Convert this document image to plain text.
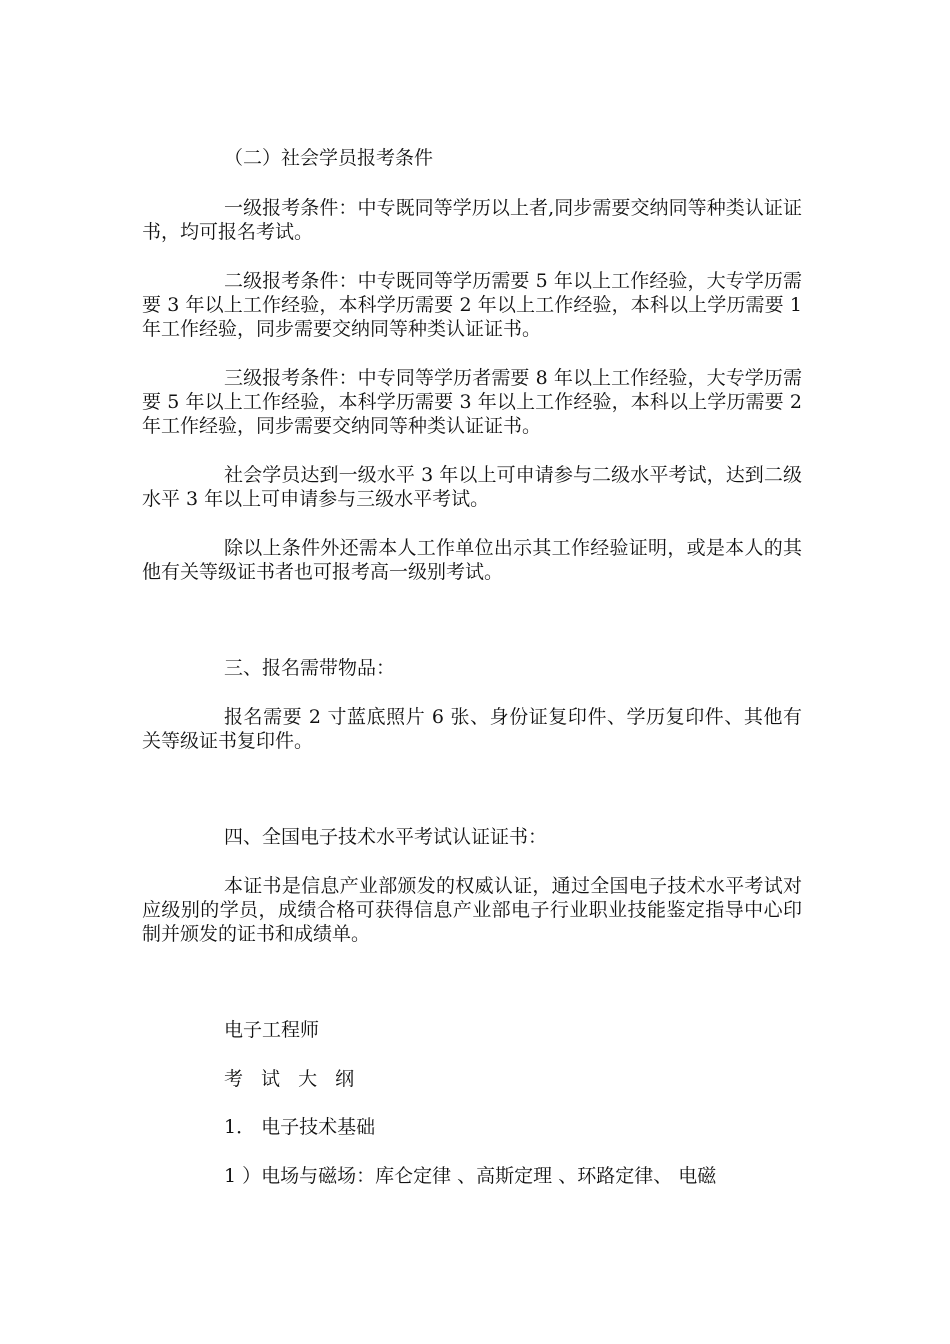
（二）社会学员报考条件

一级报考条件：中专既同等学历以上者,同步需要交纳同等种类认证证书，均可报名考试。

二级报考条件：中专既同等学历需要 5 年以上工作经验，大专学历需要 3 年以上工作经验，本科学历需要 2 年以上工作经验，本科以上学历需要 1 年工作经验，同步需要交纳同等种类认证证书。

三级报考条件：中专同等学历者需要 8 年以上工作经验，大专学历需要 5 年以上工作经验，本科学历需要 3 年以上工作经验，本科以上学历需要 2 年工作经验，同步需要交纳同等种类认证证书。

社会学员达到一级水平 3 年以上可申请参与二级水平考试，达到二级水平 3 年以上可申请参与三级水平考试。

除以上条件外还需本人工作单位出示其工作经验证明，或是本人的其他有关等级证书者也可报考高一级别考试。

三、报名需带物品：

报名需要 2 寸蓝底照片 6 张、身份证复印件、学历复印件、其他有关等级证书复印件。

四、全国电子技术水平考试认证证书：

本证书是信息产业部颁发的权威认证，通过全国电子技术水平考试对应级别的学员，成绩合格可获得信息产业部电子行业职业技能鉴定指导中心印制并颁发的证书和成绩单。

电子工程师

考 试 大 纲

1． 电子技术基础

1 ）电场与磁场：库仑定律 、高斯定理 、环路定律、 电磁
